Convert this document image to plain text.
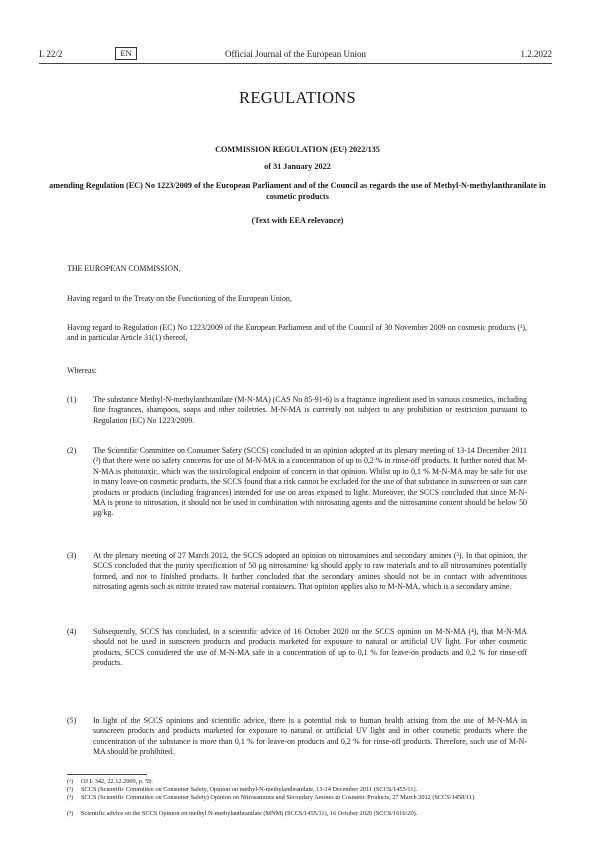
L 22/2	EN	Official Journal of the European Union	1.2.2022
REGULATIONS
COMMISSION REGULATION (EU) 2022/135
of 31 January 2022
amending Regulation (EC) No 1223/2009 of the European Parliament and of the Council as regards the use of Methyl-N-methylanthranilate in cosmetic products
(Text with EEA relevance)
THE EUROPEAN COMMISSION,
Having regard to the Treaty on the Functioning of the European Union,
Having regard to Regulation (EC) No 1223/2009 of the European Parliament and of the Council of 30 November 2009 on cosmetic products (¹), and in particular Article 31(1) thereof,
Whereas:
(1) The substance Methyl-N-methylanthranilate (M-N-MA) (CAS No 85-91-6) is a fragrance ingredient used in various cosmetics, including fine fragrances, shampoos, soaps and other toiletries. M-N-MA is currently not subject to any prohibition or restriction pursuant to Regulation (EC) No 1223/2009.
(2) The Scientific Committee on Consumer Safety (SCCS) concluded in an opinion adopted at its plenary meeting of 13-14 December 2011 (²) that there were no safety concerns for use of M-N-MA in a concentration of up to 0,2 % in rinse-off products. It further noted that M-N-MA is phototoxic, which was the toxicological endpoint of concern in that opinion. Whilst up to 0,1 % M-N-MA may be safe for use in many leave-on cosmetic products, the SCCS found that a risk cannot be excluded for the use of that substance in sunscreen or sun care products or products (including fragrances) intended for use on areas exposed to light. Moreover, the SCCS concluded that since M-N-MA is prone to nitrosation, it should not be used in combination with nitrosating agents and the nitrosamine content should be below 50 μg/kg.
(3) At the plenary meeting of 27 March 2012, the SCCS adopted an opinion on nitrosamines and secondary amines (³). In that opinion, the SCCS concluded that the purity specification of 50 μg nitrosamine/ kg should apply to raw materials and to all nitrosamines potentially formed, and not to finished products. It further concluded that the secondary amines should not be in contact with adventitious nitrosating agents such as nitrite treated raw material containers. That opinion applies also to M-N-MA, which is a secondary amine.
(4) Subsequently, SCCS has concluded, in a scientific advice of 16 October 2020 on the SCCS opinion on M-N-MA (⁴), that M-N-MA should not be used in sunscreen products and products marketed for exposure to natural or artificial UV light. For other cosmetic products, SCCS considered the use of M-N-MA safe in a concentration of up to 0,1 % for leave-on products and 0,2 % for rinse-off products.
(5) In light of the SCCS opinions and scientific advice, there is a potential risk to human health arising from the use of M-N-MA in sunscreen products and products marketed for exposure to natural or artificial UV light and in other cosmetic products where the concentration of the substance is more than 0,1 % for leave-on products and 0,2 % for rinse-off products. Therefore, such use of M-N-MA should be prohibited.
(¹) OJ L 342, 22.12.2009, p. 59.
(²) SCCS (Scientific Committee on Consumer Safety, Opinion on methyl-N-methylanthranilate, 13-14 December 2011 (SCCS/1455/11).
(³) SCCS (Scientific Committee on Consumer Safety) Opinion on Nitrosamines and Secondary Amines in Cosmetic Products, 27 March 2012 (SCCS/1458/11).
(⁴) Scientific advice on the SCCS Opinion on methyl N-methylanthranilate (MNM) (SCCS/1455/11), 16 October 2020 (SCCS/1616/20).
